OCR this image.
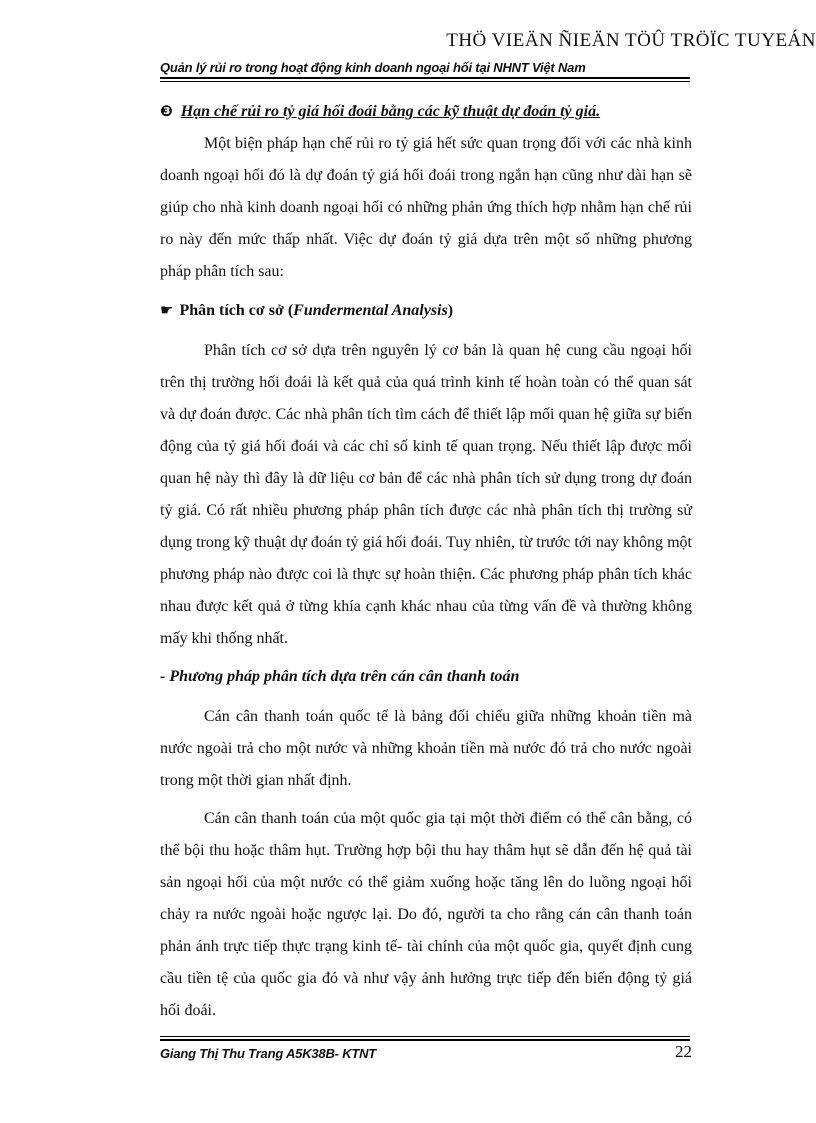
THÖ VIEÄN ÑIEÄN TÖÛ TRÖÏC TUYEÁN
Quản lý rủi ro trong hoạt động kinh doanh ngoại hối tại NHNT Việt Nam
❸ Hạn chế rủi ro tỷ giá hối đoái bằng các kỹ thuật dự đoán tỷ giá.

Một biện pháp hạn chế rủi ro tỷ giá hết sức quan trọng đối với các nhà kinh doanh ngoại hối đó là dự đoán tỷ giá hối đoái trong ngắn hạn cũng như dài hạn sẽ giúp cho nhà kinh doanh ngoại hối có những phản ứng thích hợp nhằm hạn chế rủi ro này đến mức thấp nhất. Việc dự đoán tỷ giá dựa trên một số những phương pháp phân tích sau:

☛ Phân tích cơ sở (Fundermental Analysis)

Phân tích cơ sở dựa trên nguyên lý cơ bản là quan hệ cung cầu ngoại hối trên thị trường hối đoái là kết quả của quá trình kinh tế hoàn toàn có thể quan sát và dự đoán được. Các nhà phân tích tìm cách để thiết lập mối quan hệ giữa sự biến động của tỷ giá hối đoái và các chỉ số kinh tế quan trọng. Nếu thiết lập được mối quan hệ này thì đây là dữ liệu cơ bản để các nhà phân tích sử dụng trong dự đoán tỷ giá. Có rất nhiều phương pháp phân tích được các nhà phân tích thị trường sử dụng trong kỹ thuật dự đoán tỷ giá hối đoái. Tuy nhiên, từ trước tới nay không một phương pháp nào được coi là thực sự hoàn thiện. Các phương pháp phân tích khác nhau được kết quả ở từng khía cạnh khác nhau của từng vấn đề và thường không mấy khi thống nhất.

- Phương pháp phân tích dựa trên cán cân thanh toán

Cán cân thanh toán quốc tế là bảng đối chiếu giữa những khoản tiền mà nước ngoài trả cho một nước và những khoản tiền mà nước đó trả cho nước ngoài trong một thời gian nhất định.

Cán cân thanh toán của một quốc gia tại một thời điểm có thể cân bằng, có thể bội thu hoặc thâm hụt. Trường hợp bội thu hay thâm hụt sẽ dẫn đến hệ quả tài sản ngoại hối của một nước có thể giảm xuống hoặc tăng lên do luồng ngoại hối chảy ra nước ngoài hoặc ngược lại. Do đó, người ta cho rằng cán cân thanh toán phản ánh trực tiếp thực trạng kinh tế- tài chính của một quốc gia, quyết định cung cầu tiền tệ của quốc gia đó và như vậy ảnh hưởng trực tiếp đến biến động tỷ giá hối đoái.

Giang Thị Thu Trang A5K38B- KTNT	22
